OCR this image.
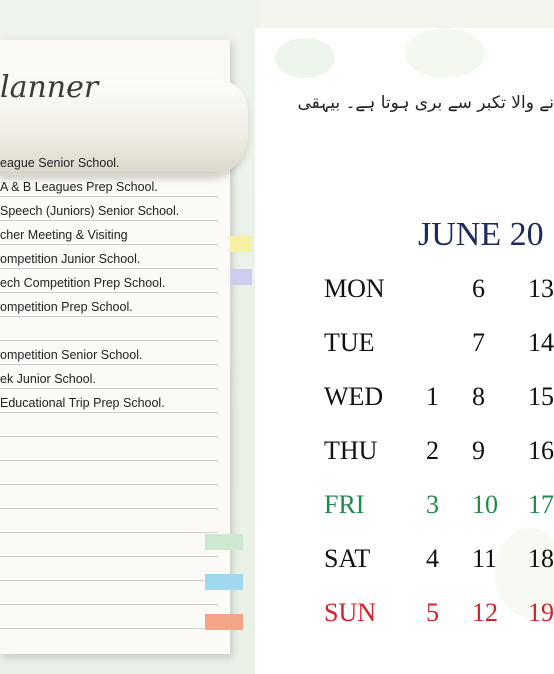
lanner
eague Senior School.
A & B Leagues Prep School.
Speech (Juniors) Senior School.
cher Meeting & Visiting
ompetition Junior School.
ech Competition Prep School.
ompetition Prep School.
ompetition Senior School.
ek Junior School.
Educational Trip Prep School.
نے والا تکبر سے بری ہوتا ہے۔ بیہقی
JUNE 20
MON	6 13
TUE	7 14
WED 1 8 15
THU 2 9 16
FRI 3 10 17
SAT 4 11 18
SUN 5 12 19
